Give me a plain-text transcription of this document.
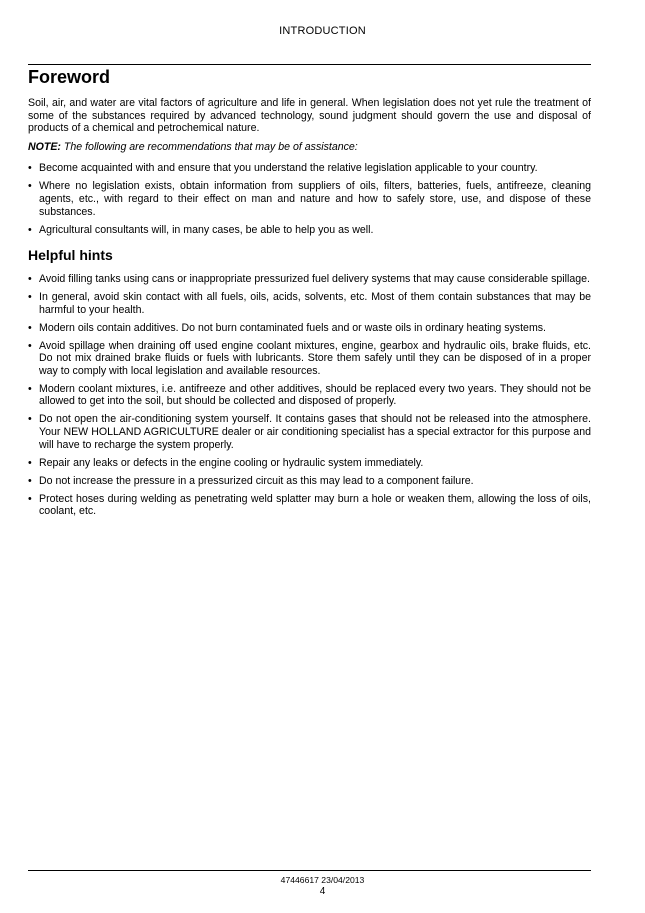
INTRODUCTION
Foreword

Soil, air, and water are vital factors of agriculture and life in general. When legislation does not yet rule the treatment of some of the substances required by advanced technology, sound judgment should govern the use and disposal of products of a chemical and petrochemical nature.

NOTE: The following are recommendations that may be of assistance:

• Become acquainted with and ensure that you understand the relative legislation applicable to your country.
• Where no legislation exists, obtain information from suppliers of oils, filters, batteries, fuels, antifreeze, cleaning agents, etc., with regard to their effect on man and nature and how to safely store, use, and dispose of these substances.
• Agricultural consultants will, in many cases, be able to help you as well.
Helpful hints
• Avoid filling tanks using cans or inappropriate pressurized fuel delivery systems that may cause considerable spillage.
• In general, avoid skin contact with all fuels, oils, acids, solvents, etc. Most of them contain substances that may be harmful to your health.
• Modern oils contain additives. Do not burn contaminated fuels and or waste oils in ordinary heating systems.
• Avoid spillage when draining off used engine coolant mixtures, engine, gearbox and hydraulic oils, brake fluids, etc. Do not mix drained brake fluids or fuels with lubricants. Store them safely until they can be disposed of in a proper way to comply with local legislation and available resources.
• Modern coolant mixtures, i.e. antifreeze and other additives, should be replaced every two years. They should not be allowed to get into the soil, but should be collected and disposed of properly.
• Do not open the air-conditioning system yourself. It contains gases that should not be released into the atmosphere. Your NEW HOLLAND AGRICULTURE dealer or air conditioning specialist has a special extractor for this purpose and will have to recharge the system properly.
• Repair any leaks or defects in the engine cooling or hydraulic system immediately.
• Do not increase the pressure in a pressurized circuit as this may lead to a component failure.
• Protect hoses during welding as penetrating weld splatter may burn a hole or weaken them, allowing the loss of oils, coolant, etc.
47446617 23/04/2013
4
